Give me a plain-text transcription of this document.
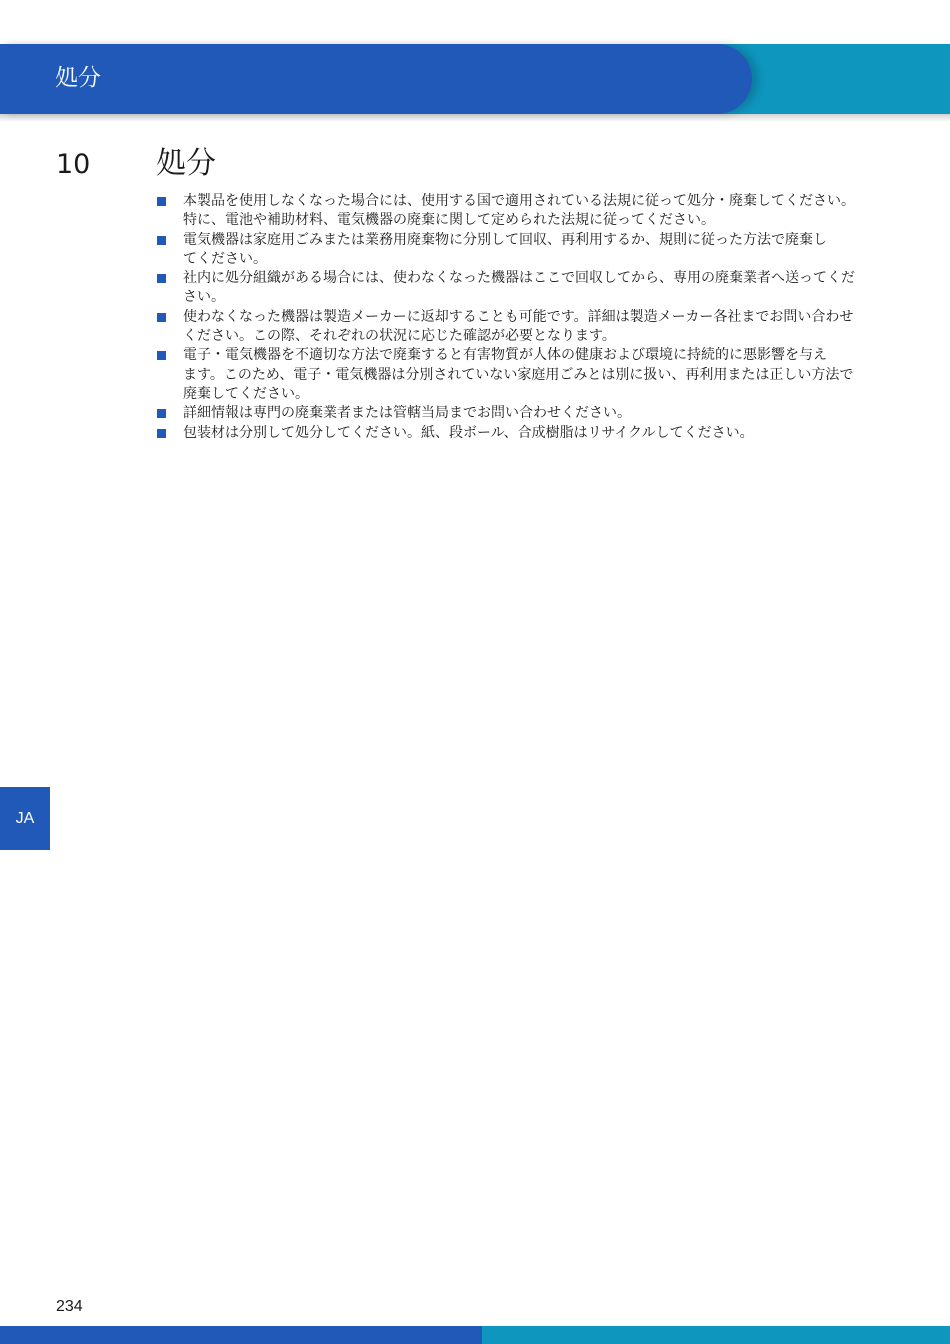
処分
10 処分
本製品を使用しなくなった場合には、使用する国で適用されている法規に従って処分・廃棄してください。
特に、電池や補助材料、電気機器の廃棄に関して定められた法規に従ってください。
電気機器は家庭用ごみまたは業務用廃棄物に分別して回収、再利用するか、規則に従った方法で廃棄し
てください。
社内に処分組織がある場合には、使わなくなった機器はここで回収してから、専用の廃棄業者へ送ってくだ
さい。
使わなくなった機器は製造メーカーに返却することも可能です。詳細は製造メーカー各社までお問い合わせ
ください。この際、それぞれの状況に応じた確認が必要となります。
電子・電気機器を不適切な方法で廃棄すると有害物質が人体の健康および環境に持続的に悪影響を与え
ます。このため、電子・電気機器は分別されていない家庭用ごみとは別に扱い、再利用または正しい方法で
廃棄してください。
詳細情報は専門の廃棄業者または管轄当局までお問い合わせください。
包装材は分別して処分してください。紙、段ボール、合成樹脂はリサイクルしてください。
JA
234
